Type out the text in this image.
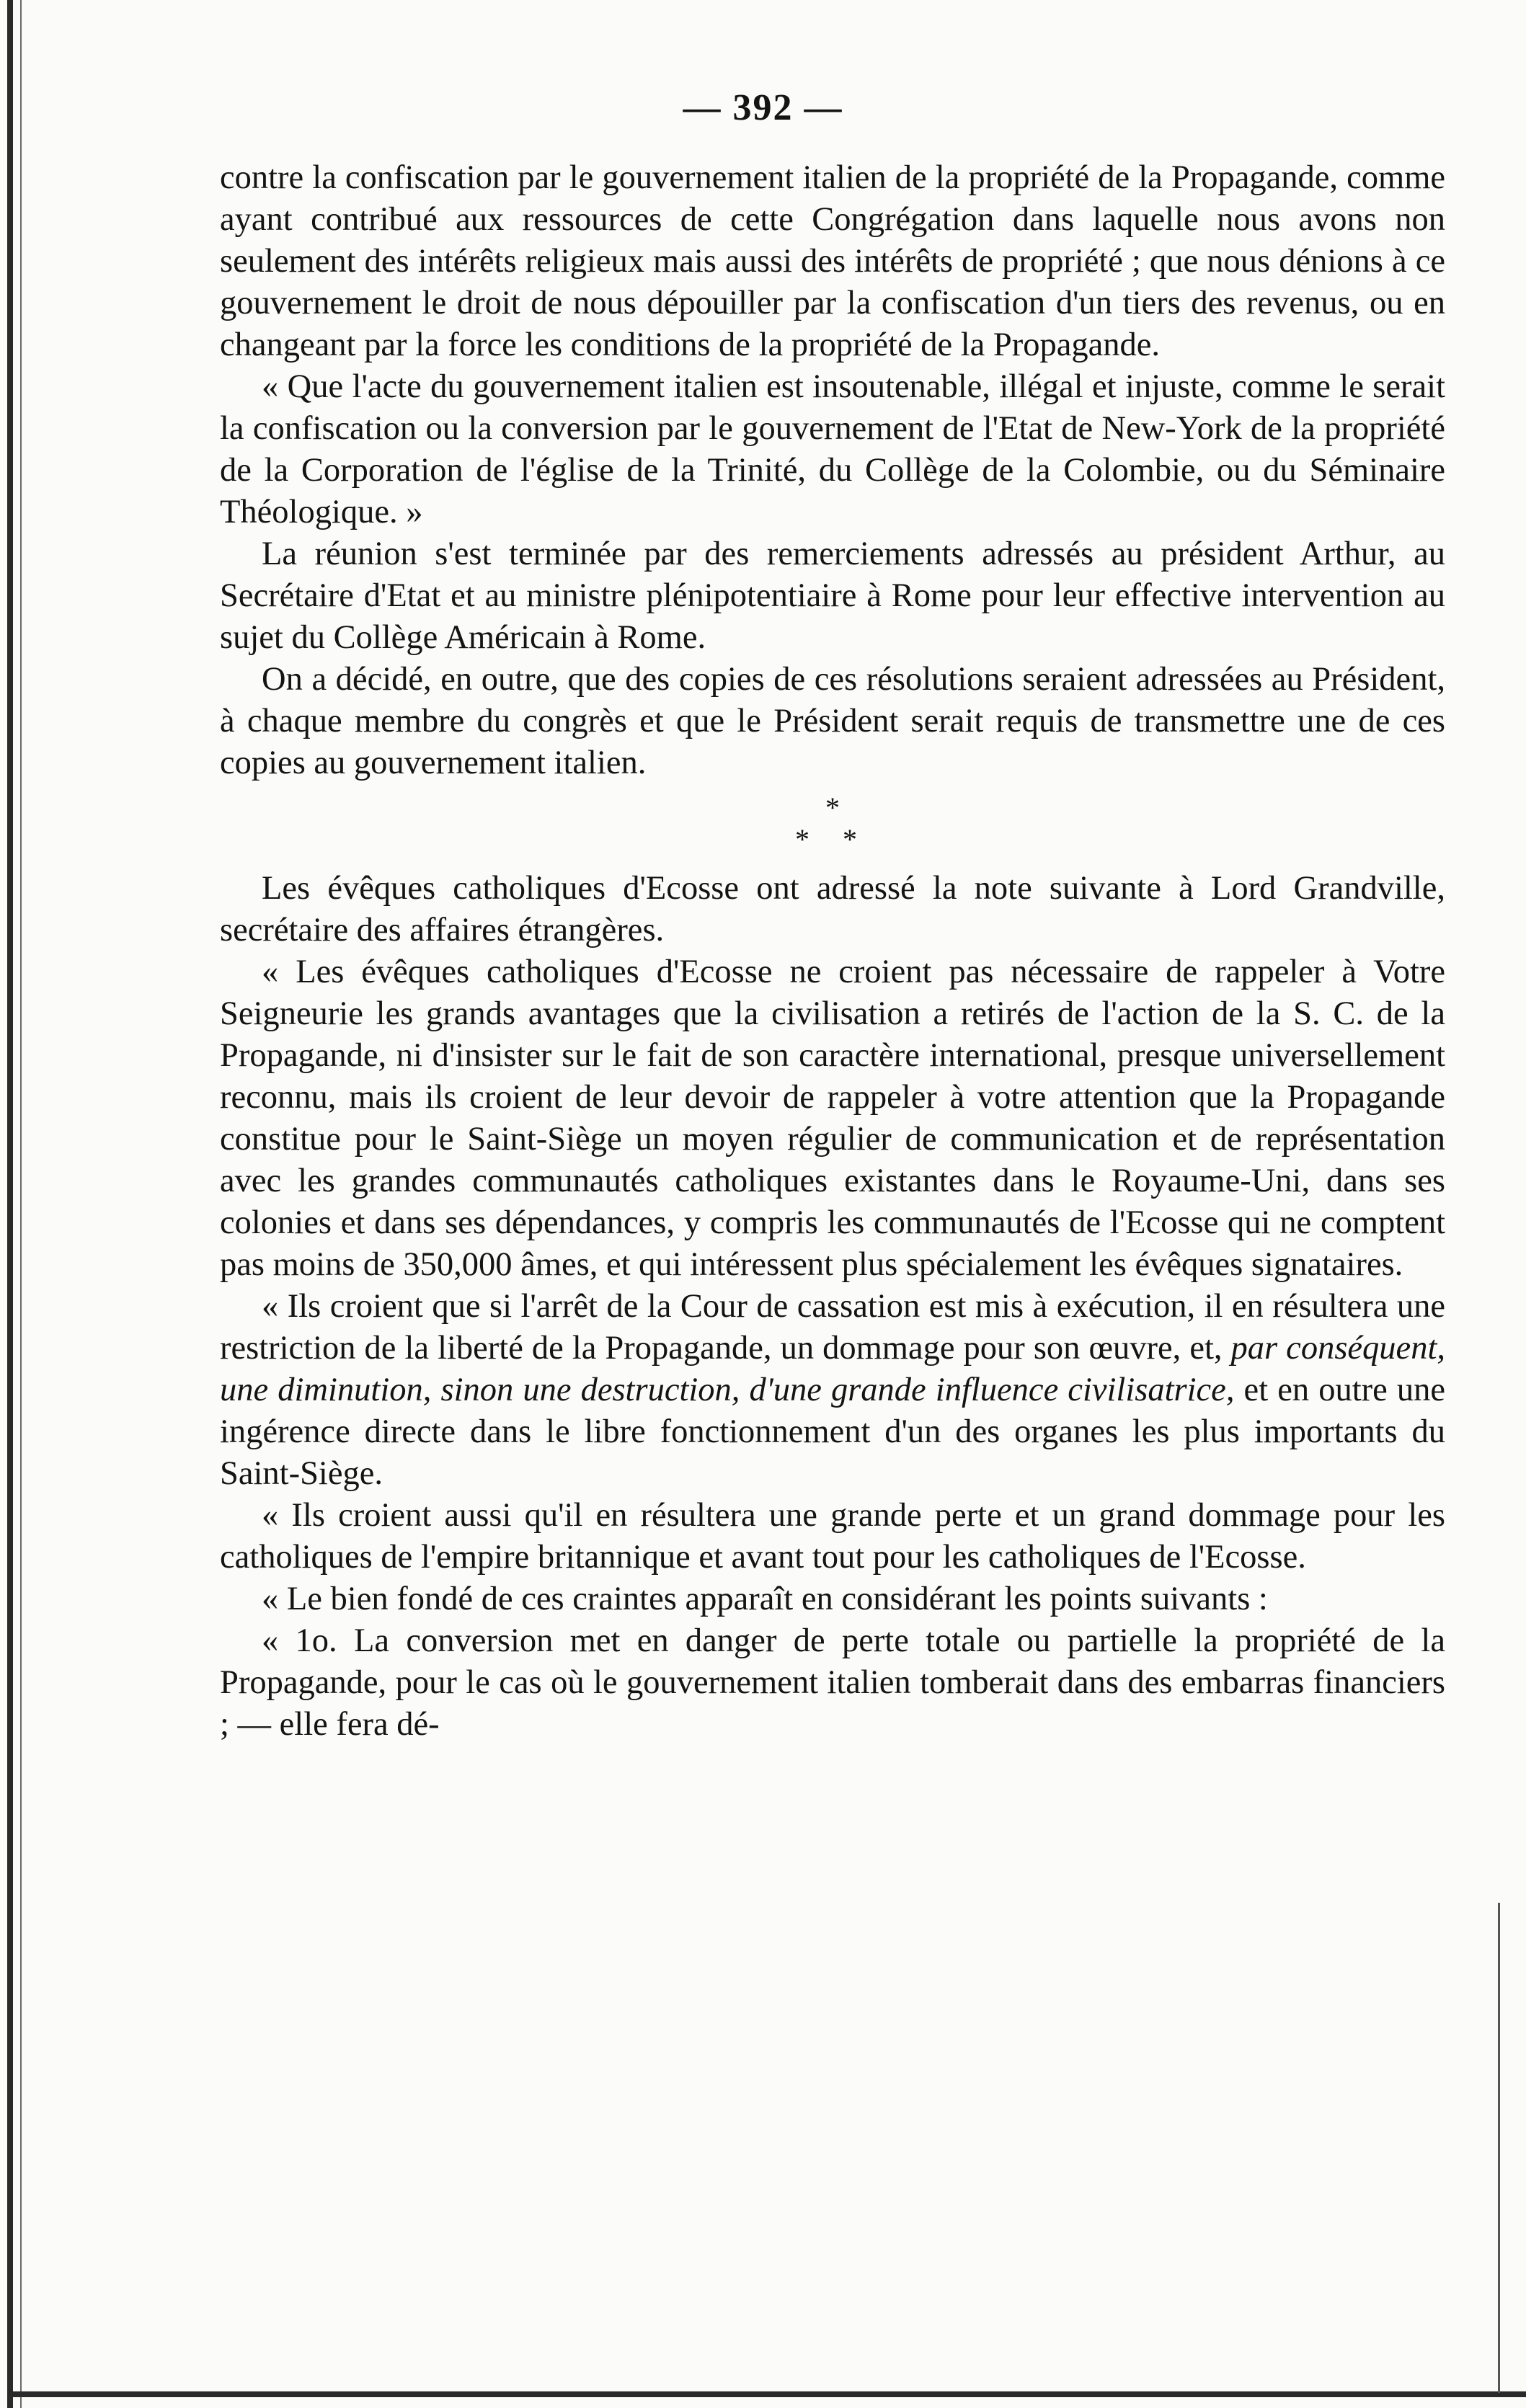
— 392 —

contre la confiscation par le gouvernement italien de la propriété de la Propagande, comme ayant contribué aux ressources de cette Congrégation dans laquelle nous avons non seulement des intérêts religieux mais aussi des intérêts de propriété ; que nous dénions à ce gouvernement le droit de nous dépouiller par la confiscation d'un tiers des revenus, ou en changeant par la force les conditions de la propriété de la Propagande.

« Que l'acte du gouvernement italien est insoutenable, illégal et injuste, comme le serait la confiscation ou la conversion par le gouvernement de l'Etat de New-York de la propriété de la Corporation de l'église de la Trinité, du Collège de la Colombie, ou du Séminaire Théologique. »

La réunion s'est terminée par des remerciements adressés au président Arthur, au Secrétaire d'Etat et au ministre plénipotentiaire à Rome pour leur effective intervention au sujet du Collège Américain à Rome.

On a décidé, en outre, que des copies de ces résolutions seraient adressées au Président, à chaque membre du congrès et que le Président serait requis de transmettre une de ces copies au gouvernement italien.

*
* *

Les évêques catholiques d'Ecosse ont adressé la note suivante à Lord Grandville, secrétaire des affaires étrangères.

« Les évêques catholiques d'Ecosse ne croient pas nécessaire de rappeler à Votre Seigneurie les grands avantages que la civilisation a retirés de l'action de la S. C. de la Propagande, ni d'insister sur le fait de son caractère international, presque universellement reconnu, mais ils croient de leur devoir de rappeler à votre attention que la Propagande constitue pour le Saint-Siège un moyen régulier de communication et de représentation avec les grandes communautés catholiques existantes dans le Royaume-Uni, dans ses colonies et dans ses dépendances, y compris les communautés de l'Ecosse qui ne comptent pas moins de 350,000 âmes, et qui intéressent plus spécialement les évêques signataires.

« Ils croient que si l'arrêt de la Cour de cassation est mis à exécution, il en résultera une restriction de la liberté de la Propagande, un dommage pour son œuvre, et, par conséquent, une diminution, sinon une destruction, d'une grande influence civilisatrice, et en outre une ingérence directe dans le libre fonctionnement d'un des organes les plus importants du Saint-Siège.

« Ils croient aussi qu'il en résultera une grande perte et un grand dommage pour les catholiques de l'empire britannique et avant tout pour les catholiques de l'Ecosse.

« Le bien fondé de ces craintes apparaît en considérant les points suivants :

« 1o. La conversion met en danger de perte totale ou partielle la propriété de la Propagande, pour le cas où le gouvernement italien tomberait dans des embarras financiers ; — elle fera dé-
